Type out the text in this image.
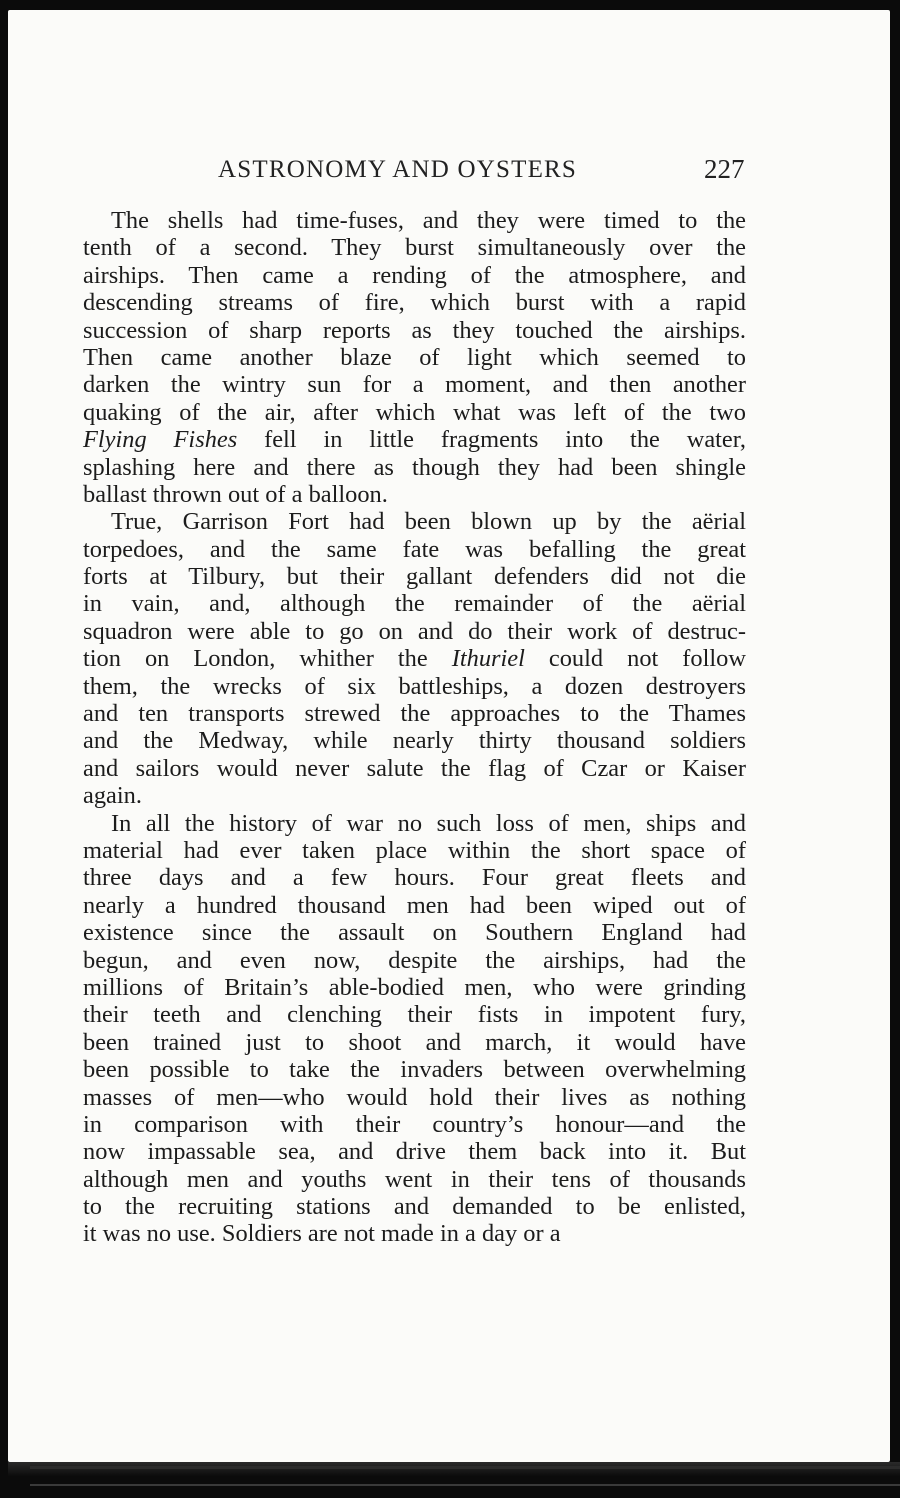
ASTRONOMY AND OYSTERS	227
The shells had time-fuses, and they were timed to the
tenth of a second. They burst simultaneously over the
airships. Then came a rending of the atmosphere, and
descending streams of fire, which burst with a rapid
succession of sharp reports as they touched the airships.
Then came another blaze of light which seemed to
darken the wintry sun for a moment, and then another
quaking of the air, after which what was left of the two
Flying Fishes fell in little fragments into the water,
splashing here and there as though they had been shingle
ballast thrown out of a balloon.
True, Garrison Fort had been blown up by the aërial
torpedoes, and the same fate was befalling the great
forts at Tilbury, but their gallant defenders did not die
in vain, and, although the remainder of the aërial
squadron were able to go on and do their work of destruc-
tion on London, whither the Ithuriel could not follow
them, the wrecks of six battleships, a dozen destroyers
and ten transports strewed the approaches to the Thames
and the Medway, while nearly thirty thousand soldiers
and sailors would never salute the flag of Czar or Kaiser
again.
In all the history of war no such loss of men, ships and
material had ever taken place within the short space of
three days and a few hours. Four great fleets and
nearly a hundred thousand men had been wiped out of
existence since the assault on Southern England had
begun, and even now, despite the airships, had the
millions of Britain’s able-bodied men, who were grinding
their teeth and clenching their fists in impotent fury,
been trained just to shoot and march, it would have
been possible to take the invaders between overwhelming
masses of men—who would hold their lives as nothing
in comparison with their country’s honour—and the
now impassable sea, and drive them back into it. But
although men and youths went in their tens of thousands
to the recruiting stations and demanded to be enlisted,
it was no use. Soldiers are not made in a day or a
